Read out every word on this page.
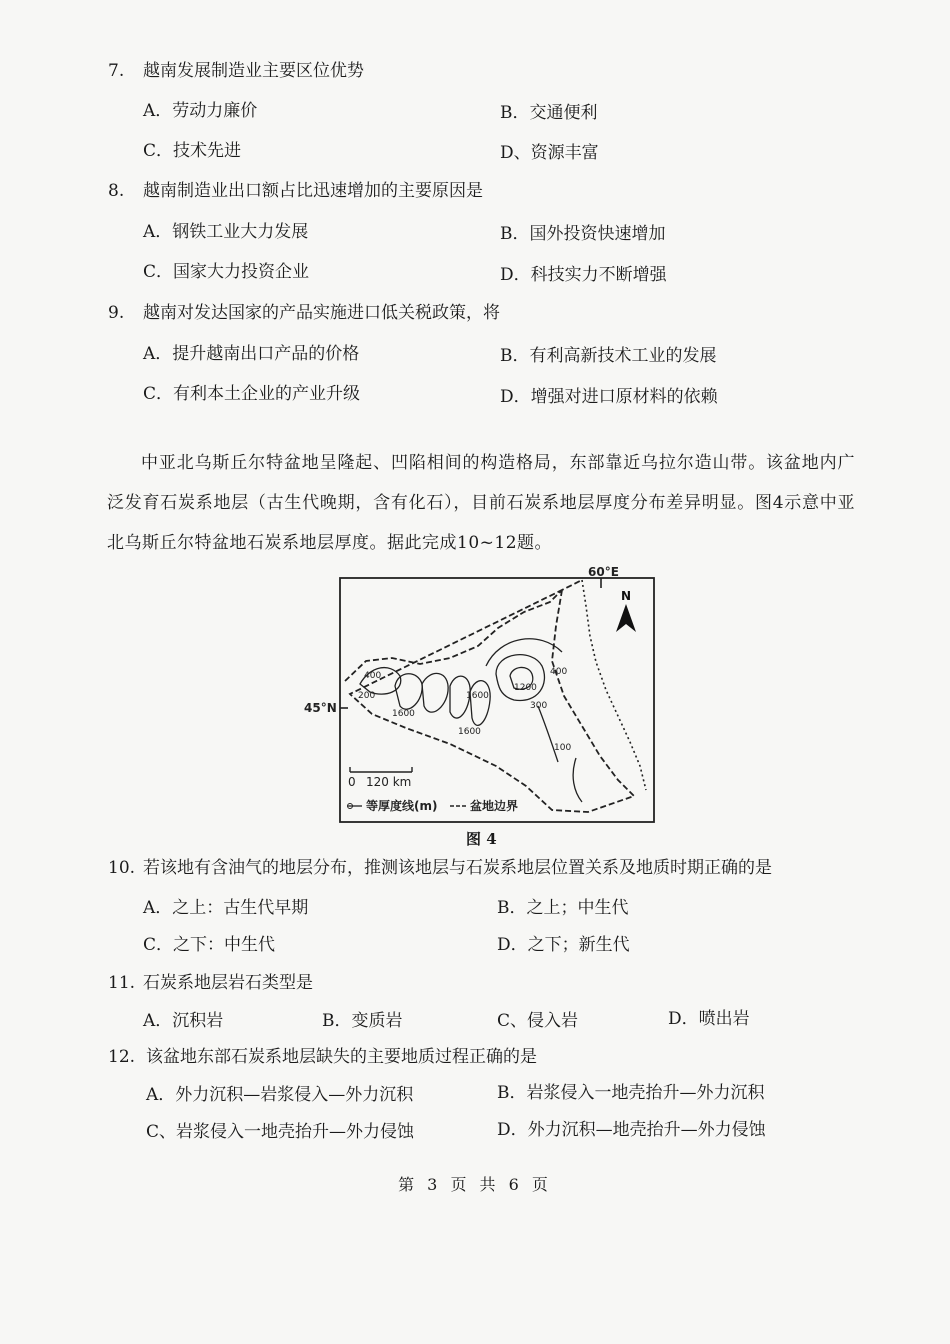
7. 越南发展制造业主要区位优势
A．劳动力廉价	B．交通便利
C．技术先进	D、资源丰富
8. 越南制造业出口额占比迅速增加的主要原因是
A．钢铁工业大力发展	B．国外投资快速增加
C．国家大力投资企业	D．科技实力不断增强
9. 越南对发达国家的产品实施进口低关税政策，将
A．提升越南出口产品的价格	B．有利高新技术工业的发展
C．有利本土企业的产业升级	D．增强对进口原材料的依赖

中亚北乌斯丘尔特盆地呈隆起、凹陷相间的构造格局，东部靠近乌拉尔造山带。该盆地内广泛发育石炭系地层（古生代晚期，含有化石），目前石炭系地层厚度分布差异明显。图4示意中亚北乌斯丘尔特盆地石炭系地层厚度。据此完成10~12题。

60°E
45°N
N
400
200
1600
1600
1600
1200
400
300
100
0 120 km
等厚度线(m)	盆地边界
图 4
10. 若该地有含油气的地层分布，推测该地层与石炭系地层位置关系及地质时期正确的是
A．之上：古生代早期	B．之上；中生代
C．之下：中生代	D．之下；新生代
11. 石炭系地层岩石类型是
A．沉积岩	B．变质岩	C、侵入岩	D．喷出岩
12. 该盆地东部石炭系地层缺失的主要地质过程正确的是
A．外力沉积—岩浆侵入—外力沉积	B．岩浆侵入一地壳抬升—外力沉积
C、岩浆侵入一地壳抬升—外力侵蚀	D．外力沉积—地壳抬升—外力侵蚀
第 3 页 共 6 页
